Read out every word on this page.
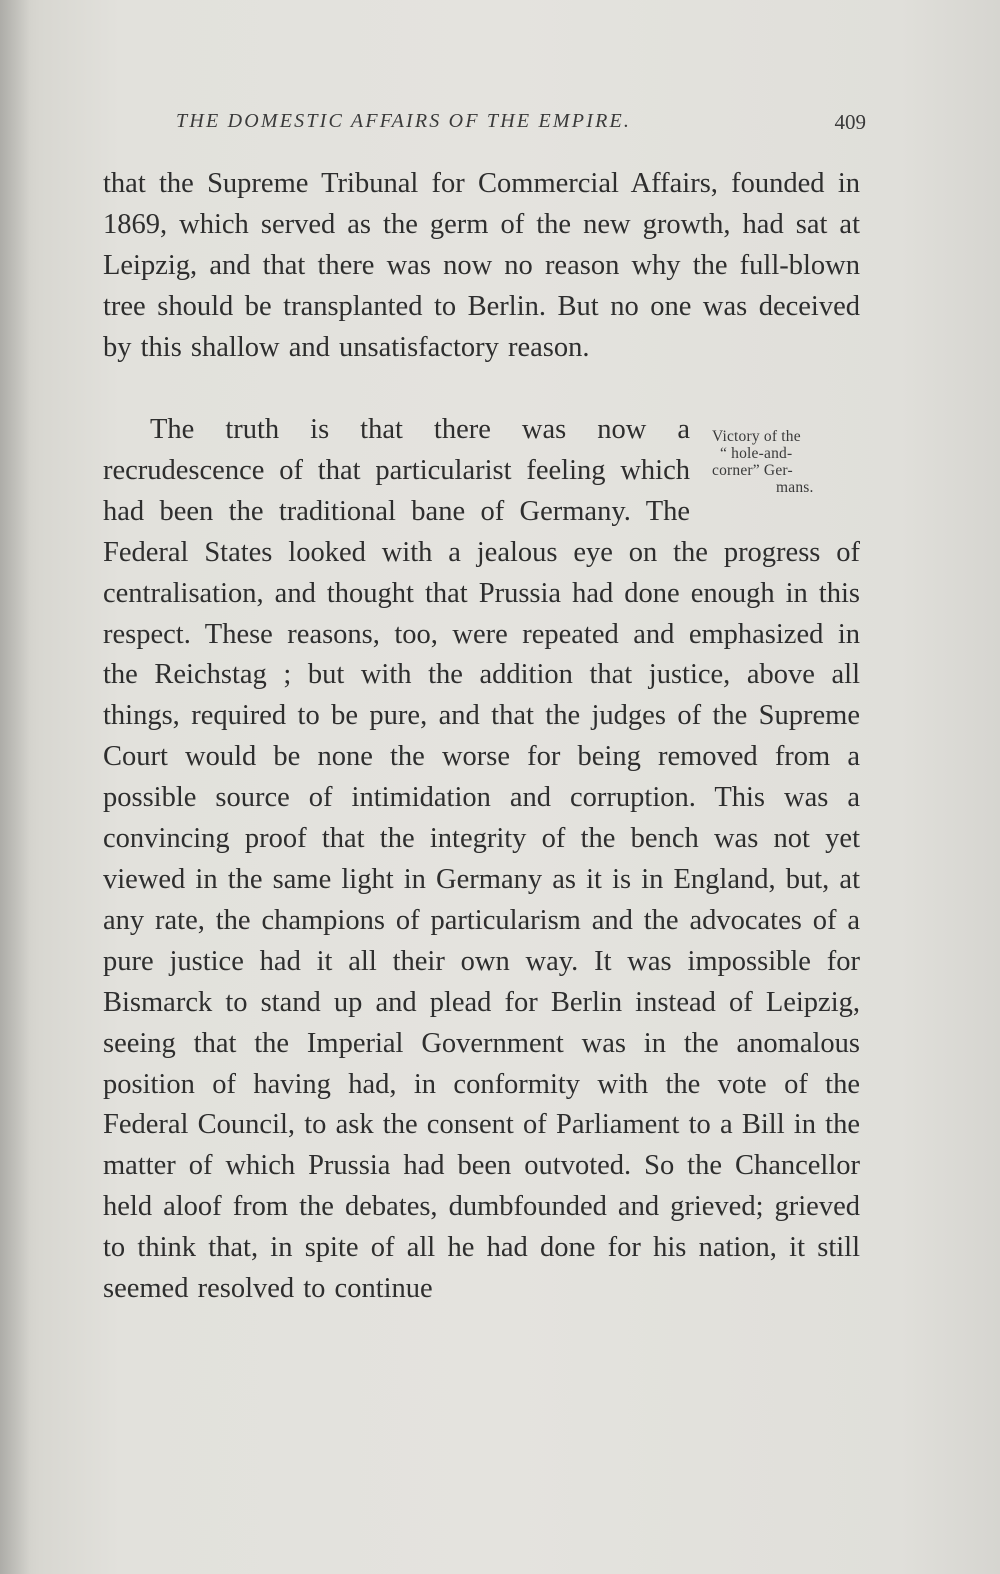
THE DOMESTIC AFFAIRS OF THE EMPIRE.	409
that the Supreme Tribunal for Commercial Affairs, founded in 1869, which served as the germ of the new growth, had sat at Leipzig, and that there was now no reason why the full-blown tree should be transplanted to Berlin. But no one was deceived by this shallow and unsatisfactory reason.
Victory of the
“ hole-and-
corner” Ger-
mans.
The truth is that there was now a recrudescence of that particularist feeling which had been the traditional bane of Germany. The Federal States looked with a jealous eye on the progress of centralisation, and thought that Prussia had done enough in this respect. These reasons, too, were repeated and emphasized in the Reichstag ; but with the addition that justice, above all things, required to be pure, and that the judges of the Supreme Court would be none the worse for being removed from a possible source of intimidation and corruption. This was a convincing proof that the integrity of the bench was not yet viewed in the same light in Germany as it is in England, but, at any rate, the champions of particularism and the advocates of a pure justice had it all their own way. It was impossible for Bismarck to stand up and plead for Berlin instead of Leipzig, seeing that the Imperial Government was in the anomalous position of having had, in conformity with the vote of the Federal Council, to ask the consent of Parliament to a Bill in the matter of which Prussia had been outvoted. So the Chancellor held aloof from the debates, dumbfounded and grieved; grieved to think that, in spite of all he had done for his nation, it still seemed resolved to continue
